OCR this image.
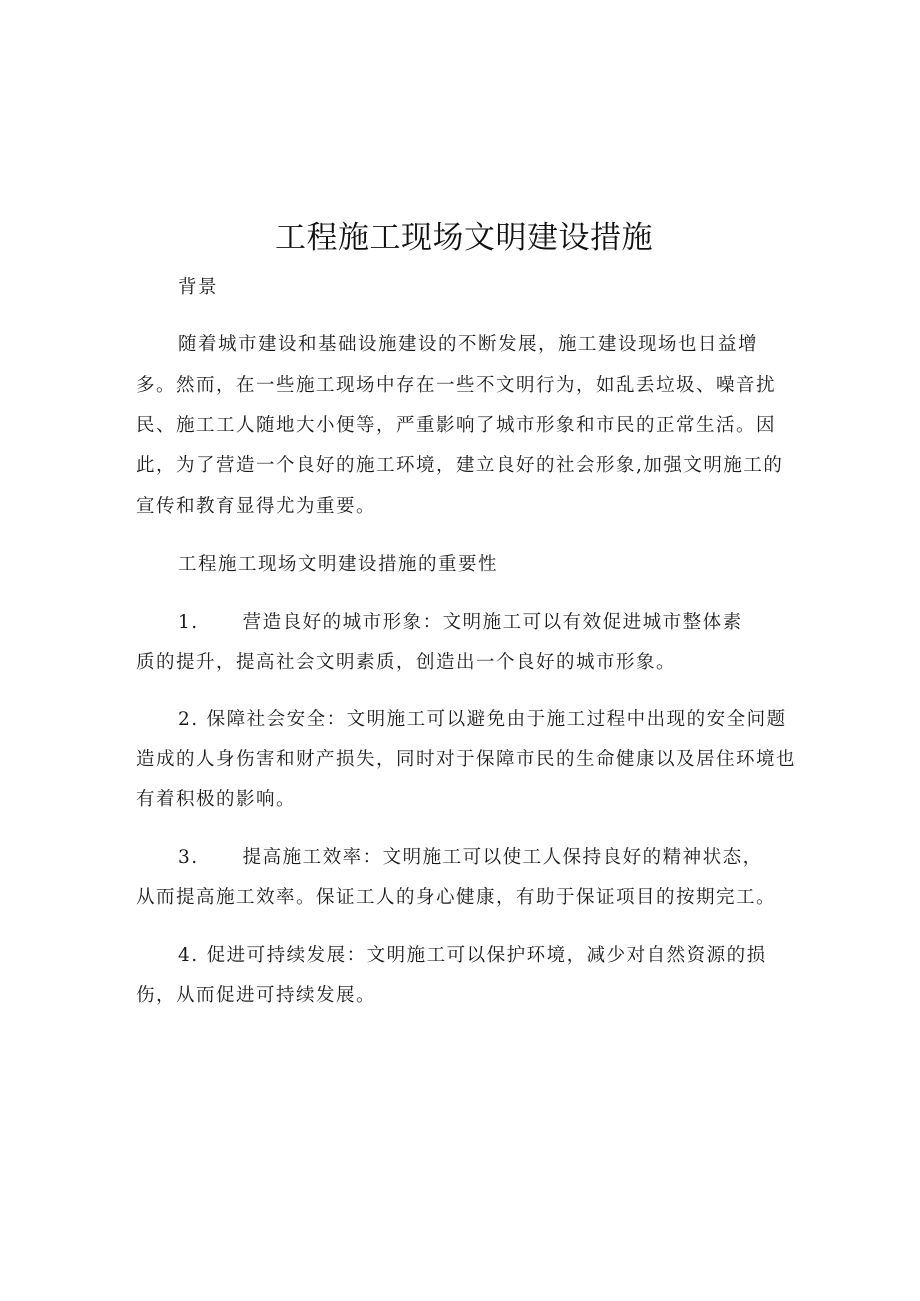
工程施工现场文明建设措施
背景
随着城市建设和基础设施建设的不断发展，施工建设现场也日益增
多。然而，在一些施工现场中存在一些不文明行为，如乱丢垃圾、噪音扰
民、施工工人随地大小便等，严重影响了城市形象和市民的正常生活。因
此，为了营造一个良好的施工环境，建立良好的社会形象,加强文明施工的
宣传和教育显得尤为重要。
工程施工现场文明建设措施的重要性
1. 营造良好的城市形象：文明施工可以有效促进城市整体素
质的提升，提高社会文明素质，创造出一个良好的城市形象。
2. 保障社会安全：文明施工可以避免由于施工过程中出现的安全问题
造成的人身伤害和财产损失，同时对于保障市民的生命健康以及居住环境也
有着积极的影响。
3. 提高施工效率：文明施工可以使工人保持良好的精神状态，
从而提高施工效率。保证工人的身心健康，有助于保证项目的按期完工。
4. 促进可持续发展：文明施工可以保护环境，减少对自然资源的损
伤，从而促进可持续发展。
